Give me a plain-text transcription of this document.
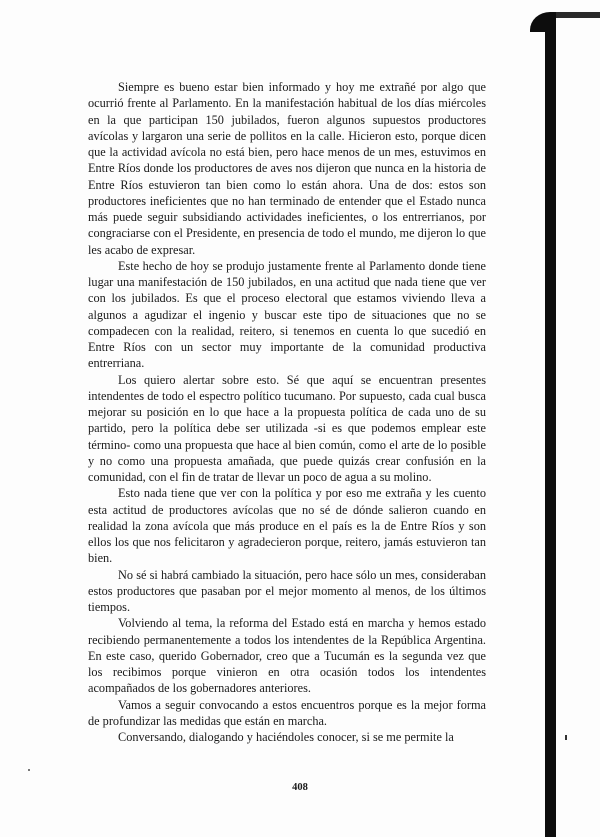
Siempre es bueno estar bien informado y hoy me extrañé por algo que ocurrió frente al Parlamento. En la manifestación habitual de los días miércoles en la que participan 150 jubilados, fueron algunos supuestos productores avícolas y largaron una serie de pollitos en la calle. Hicieron esto, porque dicen que la actividad avícola no está bien, pero hace menos de un mes, estuvimos en Entre Ríos donde los productores de aves nos dijeron que nunca en la historia de Entre Ríos estuvieron tan bien como lo están ahora. Una de dos: estos son productores ineficientes que no han terminado de entender que el Estado nunca más puede seguir subsidiando actividades ineficientes, o los entrerrianos, por congraciarse con el Presidente, en presencia de todo el mundo, me dijeron lo que les acabo de expresar.

Este hecho de hoy se produjo justamente frente al Parlamento donde tiene lugar una manifestación de 150 jubilados, en una actitud que nada tiene que ver con los jubilados. Es que el proceso electoral que estamos viviendo lleva a algunos a agudizar el ingenio y buscar este tipo de situaciones que no se compadecen con la realidad, reitero, si tenemos en cuenta lo que sucedió en Entre Ríos con un sector muy importante de la comunidad productiva entrerriana.

Los quiero alertar sobre esto. Sé que aquí se encuentran presentes intendentes de todo el espectro político tucumano. Por supuesto, cada cual busca mejorar su posición en lo que hace a la propuesta política de cada uno de su partido, pero la política debe ser utilizada -si es que podemos emplear este término- como una propuesta que hace al bien común, como el arte de lo posible y no como una propuesta amañada, que puede quizás crear confusión en la comunidad, con el fin de tratar de llevar un poco de agua a su molino.

Esto nada tiene que ver con la política y por eso me extraña y les cuento esta actitud de productores avícolas que no sé de dónde salieron cuando en realidad la zona avícola que más produce en el país es la de Entre Ríos y son ellos los que nos felicitaron y agradecieron porque, reitero, jamás estuvieron tan bien.

No sé si habrá cambiado la situación, pero hace sólo un mes, consideraban estos productores que pasaban por el mejor momento al menos, de los últimos tiempos.

Volviendo al tema, la reforma del Estado está en marcha y hemos estado recibiendo permanentemente a todos los intendentes de la República Argentina. En este caso, querido Gobernador, creo que a Tucumán es la segunda vez que los recibimos porque vinieron en otra ocasión todos los intendentes acompañados de los gobernadores anteriores.

Vamos a seguir convocando a estos encuentros porque es la mejor forma de profundizar las medidas que están en marcha.

Conversando, dialogando y haciéndoles conocer, si se me permite la

408
